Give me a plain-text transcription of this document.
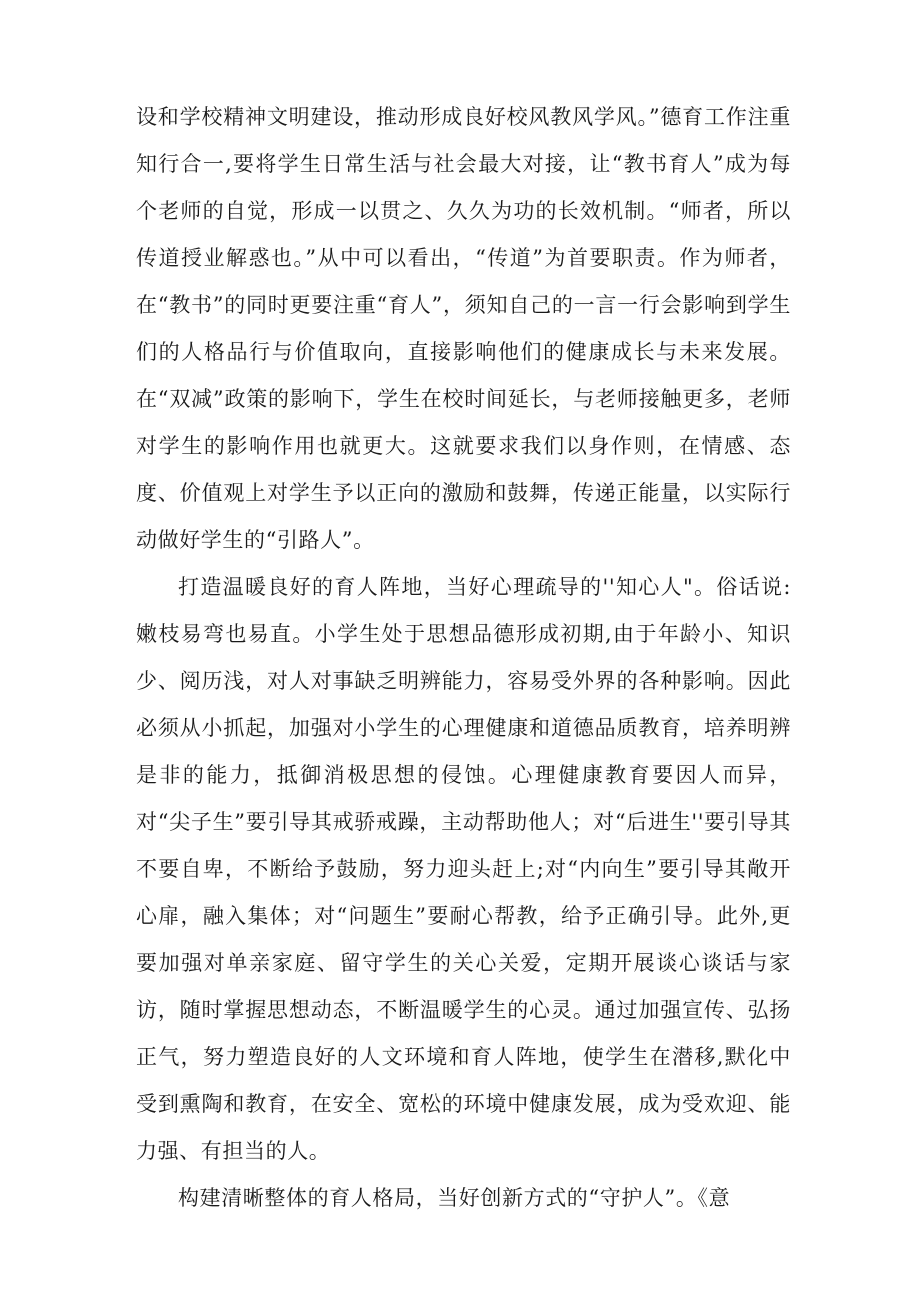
设和学校精神文明建设，推动形成良好校风教风学风。”德育工作注重知行合一,要将学生日常生活与社会最大对接，让“教书育人”成为每个老师的自觉，形成一以贯之、久久为功的长效机制。“师者，所以传道授业解惑也。”从中可以看出，“传道”为首要职责。作为师者，在“教书”的同时更要注重“育人”，须知自己的一言一行会影响到学生们的人格品行与价值取向，直接影响他们的健康成长与未来发展。在“双减”政策的影响下，学生在校时间延长，与老师接触更多，老师对学生的影响作用也就更大。这就要求我们以身作则，在情感、态度、价值观上对学生予以正向的激励和鼓舞，传递正能量，以实际行动做好学生的“引路人”。

打造温暖良好的育人阵地，当好心理疏导的''知心人"。俗话说:嫩枝易弯也易直。小学生处于思想品德形成初期,由于年龄小、知识少、阅历浅，对人对事缺乏明辨能力，容易受外界的各种影响。因此必须从小抓起，加强对小学生的心理健康和道德品质教育，培养明辨是非的能力，抵御消极思想的侵蚀。心理健康教育要因人而异，对“尖子生”要引导其戒骄戒躁，主动帮助他人；对“后进生''要引导其不要自卑，不断给予鼓励，努力迎头赶上;对“内向生”要引导其敞开心扉，融入集体；对“问题生”要耐心帮教，给予正确引导。此外,更要加强对单亲家庭、留守学生的关心关爱，定期开展谈心谈话与家访，随时掌握思想动态，不断温暖学生的心灵。通过加强宣传、弘扬正气，努力塑造良好的人文环境和育人阵地，使学生在潜移,默化中受到熏陶和教育，在安全、宽松的环境中健康发展，成为受欢迎、能力强、有担当的人。

构建清晰整体的育人格局，当好创新方式的“守护人”。《意
